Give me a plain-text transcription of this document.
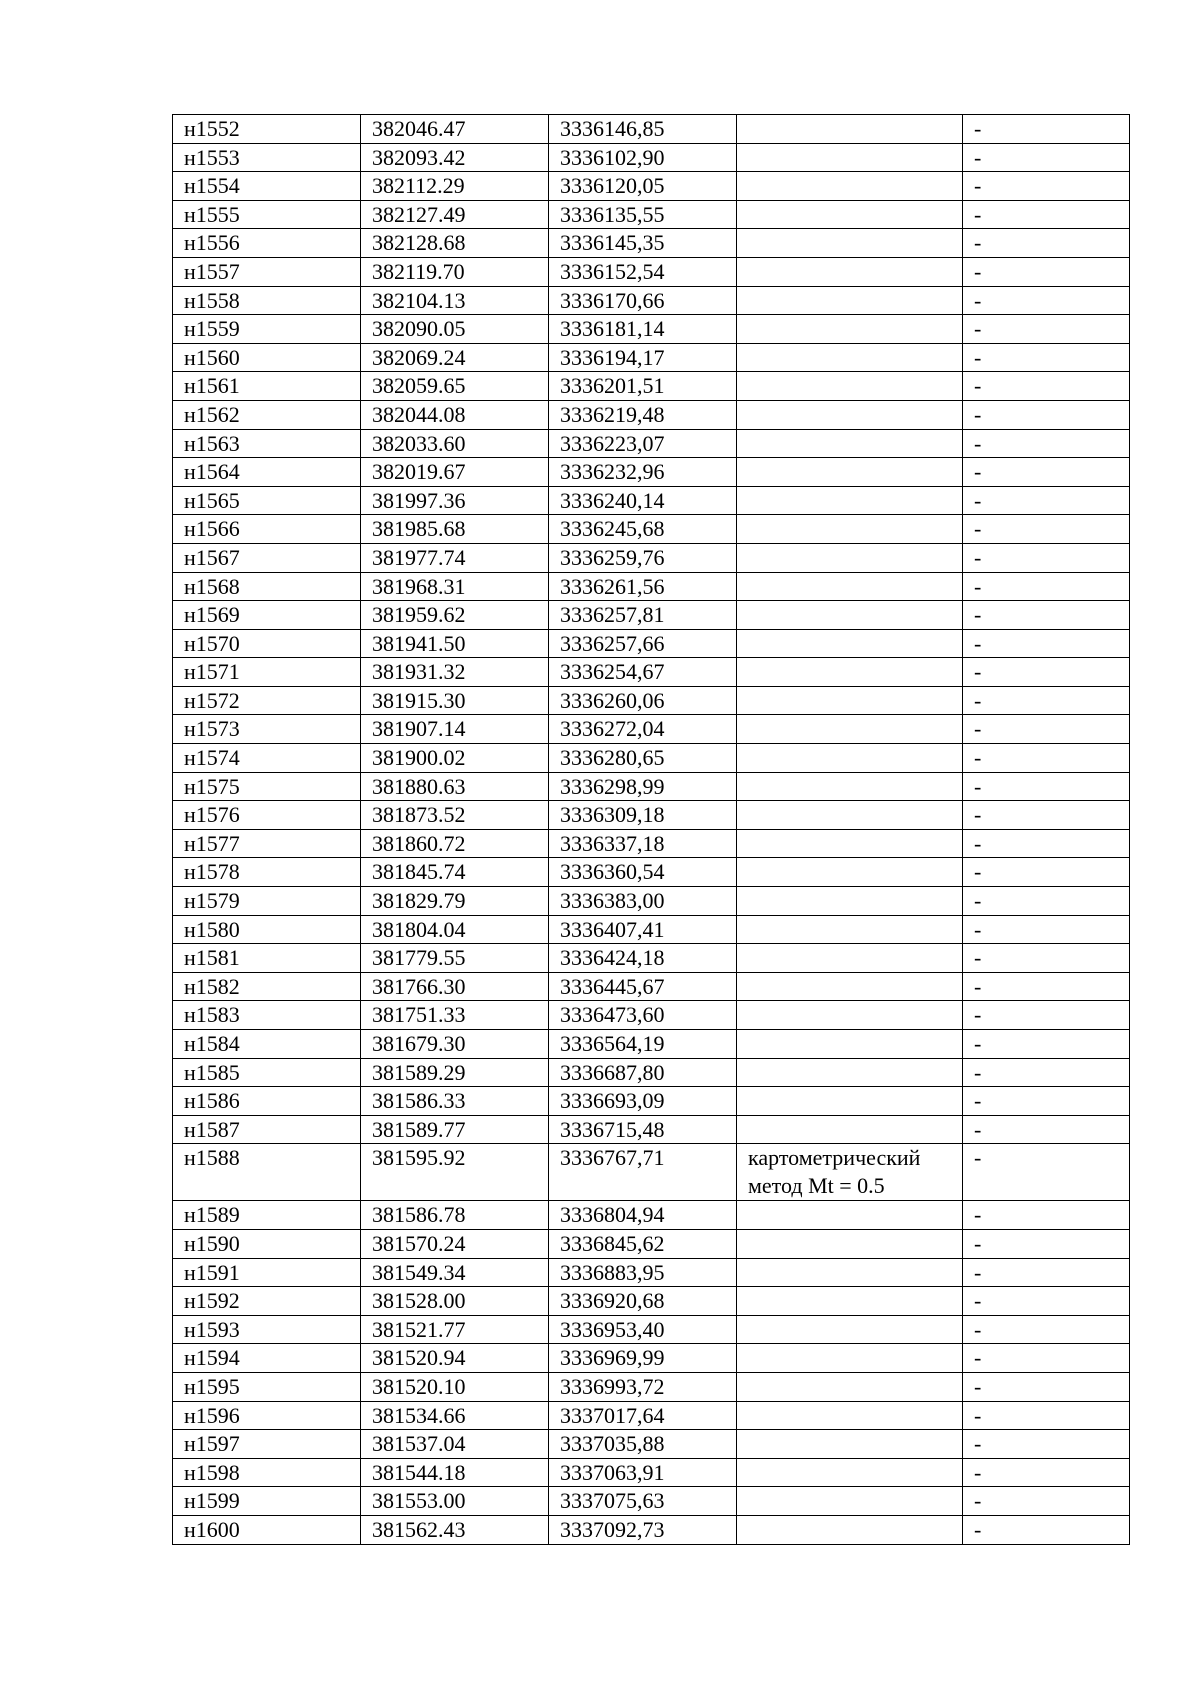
н1552	382046.47	3336146,85		-
н1553	382093.42	3336102,90		-
н1554	382112.29	3336120,05		-
н1555	382127.49	3336135,55		-
н1556	382128.68	3336145,35		-
н1557	382119.70	3336152,54		-
н1558	382104.13	3336170,66		-
н1559	382090.05	3336181,14		-
н1560	382069.24	3336194,17		-
н1561	382059.65	3336201,51		-
н1562	382044.08	3336219,48		-
н1563	382033.60	3336223,07		-
н1564	382019.67	3336232,96		-
н1565	381997.36	3336240,14		-
н1566	381985.68	3336245,68		-
н1567	381977.74	3336259,76		-
н1568	381968.31	3336261,56		-
н1569	381959.62	3336257,81		-
н1570	381941.50	3336257,66		-
н1571	381931.32	3336254,67		-
н1572	381915.30	3336260,06		-
н1573	381907.14	3336272,04		-
н1574	381900.02	3336280,65		-
н1575	381880.63	3336298,99		-
н1576	381873.52	3336309,18		-
н1577	381860.72	3336337,18		-
н1578	381845.74	3336360,54		-
н1579	381829.79	3336383,00		-
н1580	381804.04	3336407,41		-
н1581	381779.55	3336424,18		-
н1582	381766.30	3336445,67		-
н1583	381751.33	3336473,60		-
н1584	381679.30	3336564,19		-
н1585	381589.29	3336687,80		-
н1586	381586.33	3336693,09		-
н1587	381589.77	3336715,48		-
н1588	381595.92	3336767,71	картометрический метод Mt = 0.5	-
н1589	381586.78	3336804,94		-
н1590	381570.24	3336845,62		-
н1591	381549.34	3336883,95		-
н1592	381528.00	3336920,68		-
н1593	381521.77	3336953,40		-
н1594	381520.94	3336969,99		-
н1595	381520.10	3336993,72		-
н1596	381534.66	3337017,64		-
н1597	381537.04	3337035,88		-
н1598	381544.18	3337063,91		-
н1599	381553.00	3337075,63		-
н1600	381562.43	3337092,73		-
